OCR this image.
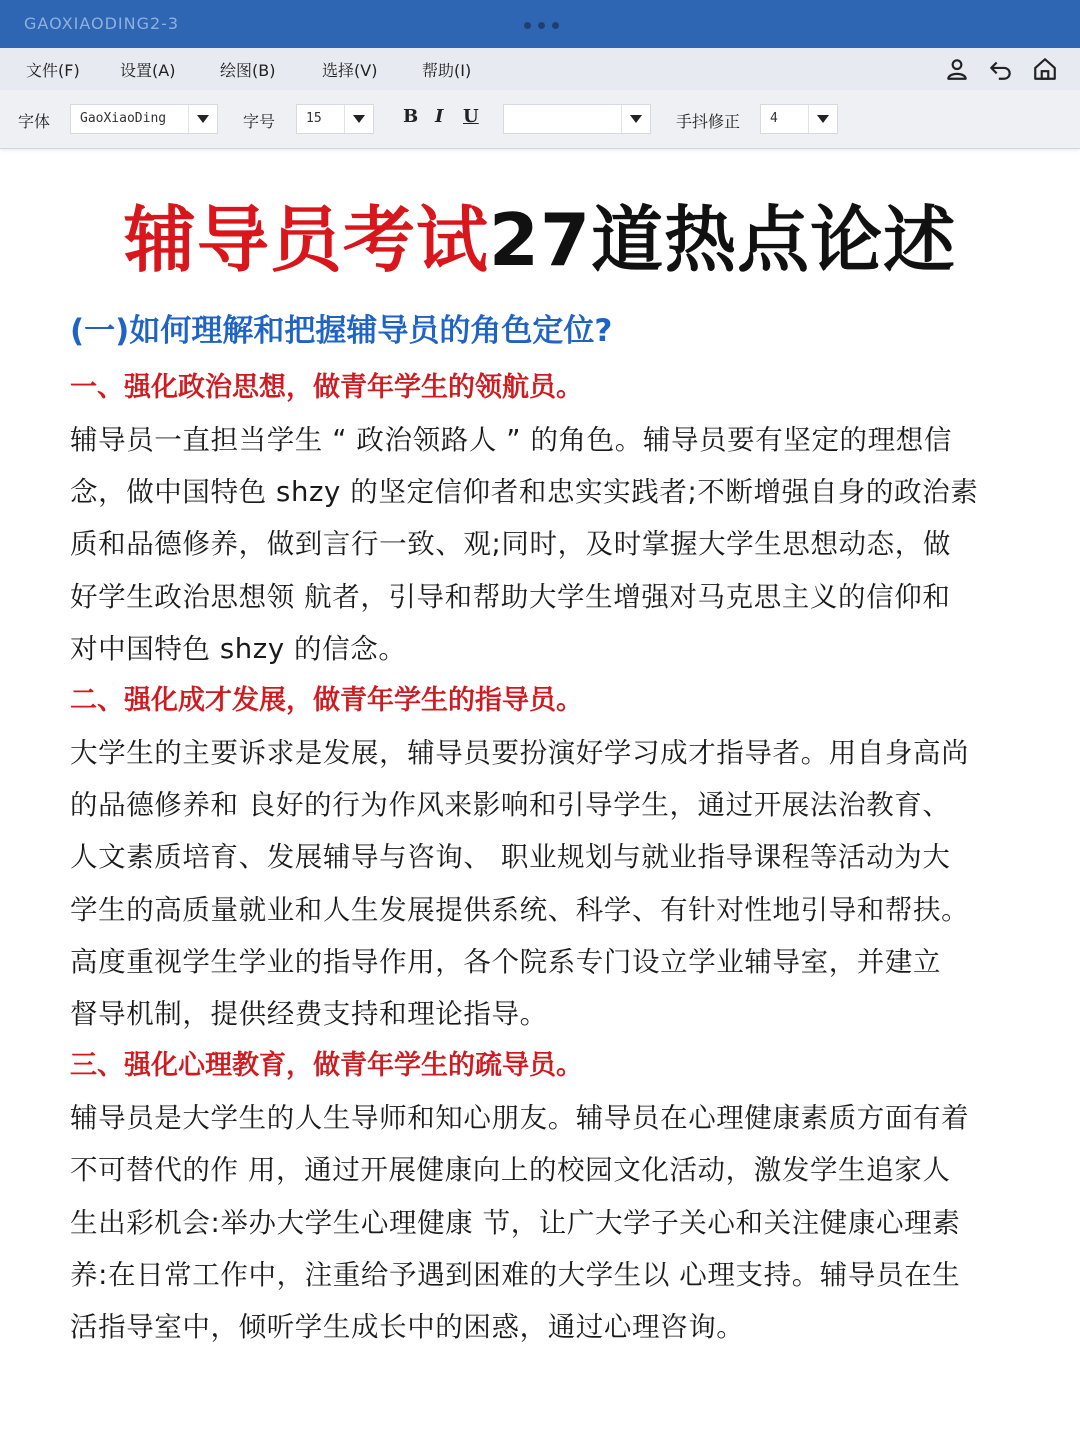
GAOXIAODING2-3
文件(F)	设置(A)	绘图(B)	选择(V)	帮助(I)
字体 GaoXiaoDing	字号 15	B I U	手抖修正 4
辅导员考试27道热点论述

(一)如何理解和把握辅导员的角色定位?

一、强化政治思想，做青年学生的领航员。

辅导员一直担当学生 “ 政治领路人 ” 的角色。辅导员要有坚定的理想信

念，做中国特色 shzy 的坚定信仰者和忠实实践者;不断增强自身的政治素

质和品德修养，做到言行一致、观;同时，及时掌握大学生思想动态，做

好学生政治思想领 航者，引导和帮助大学生增强对马克思主义的信仰和

对中国特色 shzy 的信念。

二、强化成才发展，做青年学生的指导员。

大学生的主要诉求是发展，辅导员要扮演好学习成才指导者。用自身高尚

的品德修养和 良好的行为作风来影响和引导学生，通过开展法治教育、

人文素质培育、发展辅导与咨询、 职业规划与就业指导课程等活动为大

学生的高质量就业和人生发展提供系统、科学、有针对性地引导和帮扶。

高度重视学生学业的指导作用，各个院系专门设立学业辅导室，并建立

督导机制，提供经费支持和理论指导。

三、强化心理教育，做青年学生的疏导员。

辅导员是大学生的人生导师和知心朋友。辅导员在心理健康素质方面有着

不可替代的作 用，通过开展健康向上的校园文化活动，激发学生追家人

生出彩机会:举办大学生心理健康 节，让广大学子关心和关注健康心理素

养:在日常工作中，注重给予遇到困难的大学生以 心理支持。辅导员在生

活指导室中，倾听学生成长中的困惑，通过心理咨询。
